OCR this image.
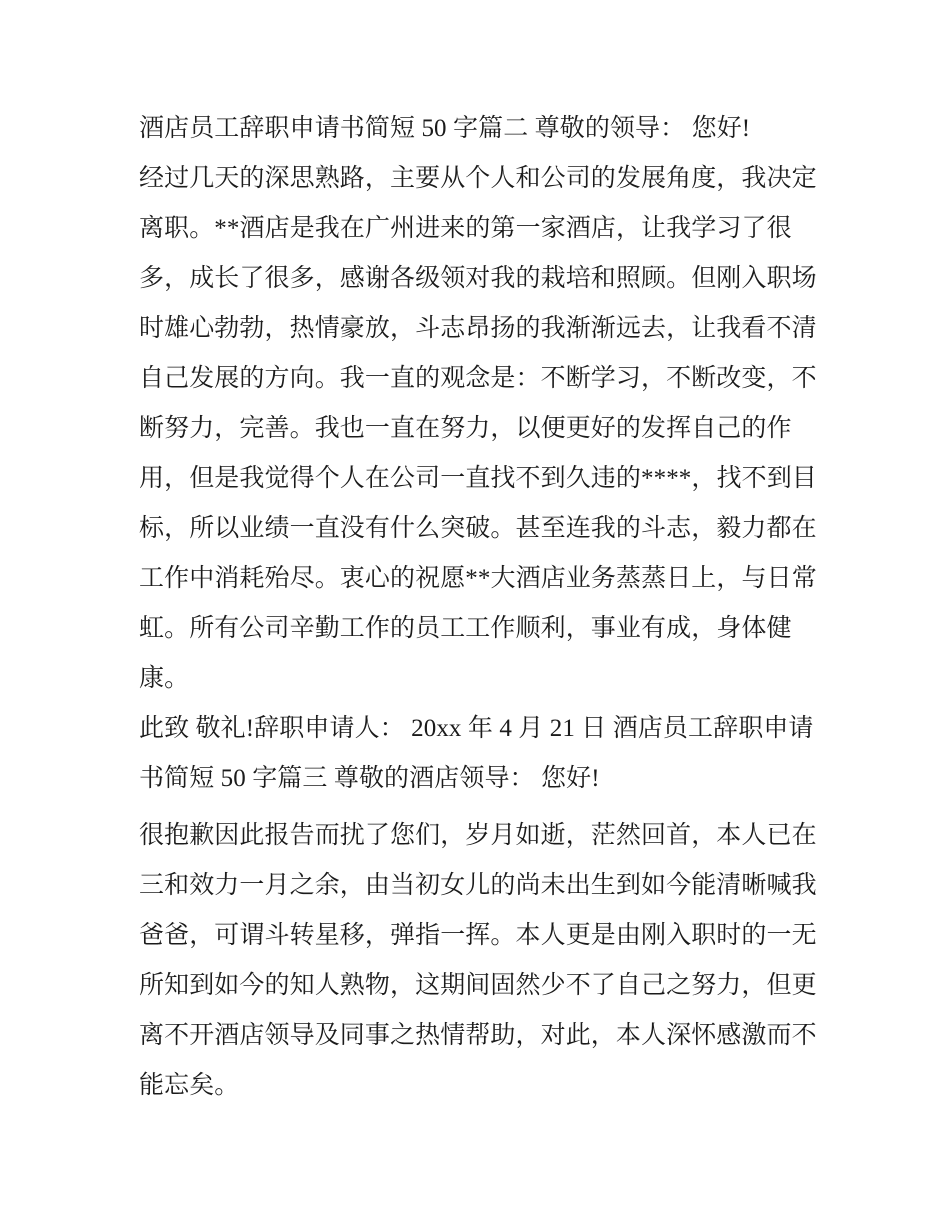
酒店员工辞职申请书简短 50 字篇二 尊敬的领导： 您好!

经过几天的深思熟路，主要从个人和公司的发展角度，我决定

离职。**酒店是我在广州进来的第一家酒店，让我学习了很

多，成长了很多，感谢各级领对我的栽培和照顾。但刚入职场

时雄心勃勃，热情豪放，斗志昂扬的我渐渐远去，让我看不清

自己发展的方向。我一直的观念是：不断学习，不断改变，不

断努力，完善。我也一直在努力，以便更好的发挥自己的作

用，但是我觉得个人在公司一直找不到久违的****，找不到目

标，所以业绩一直没有什么突破。甚至连我的斗志，毅力都在

工作中消耗殆尽。衷心的祝愿**大酒店业务蒸蒸日上，与日常

虹。所有公司辛勤工作的员工工作顺利，事业有成，身体健

康。

此致 敬礼!辞职申请人： 20xx 年 4 月 21 日 酒店员工辞职申请

书简短 50 字篇三 尊敬的酒店领导： 您好!

很抱歉因此报告而扰了您们，岁月如逝，茫然回首，本人已在

三和效力一月之余，由当初女儿的尚未出生到如今能清晰喊我

爸爸，可谓斗转星移，弹指一挥。本人更是由刚入职时的一无

所知到如今的知人熟物，这期间固然少不了自己之努力，但更

离不开酒店领导及同事之热情帮助，对此，本人深怀感激而不

能忘矣。
